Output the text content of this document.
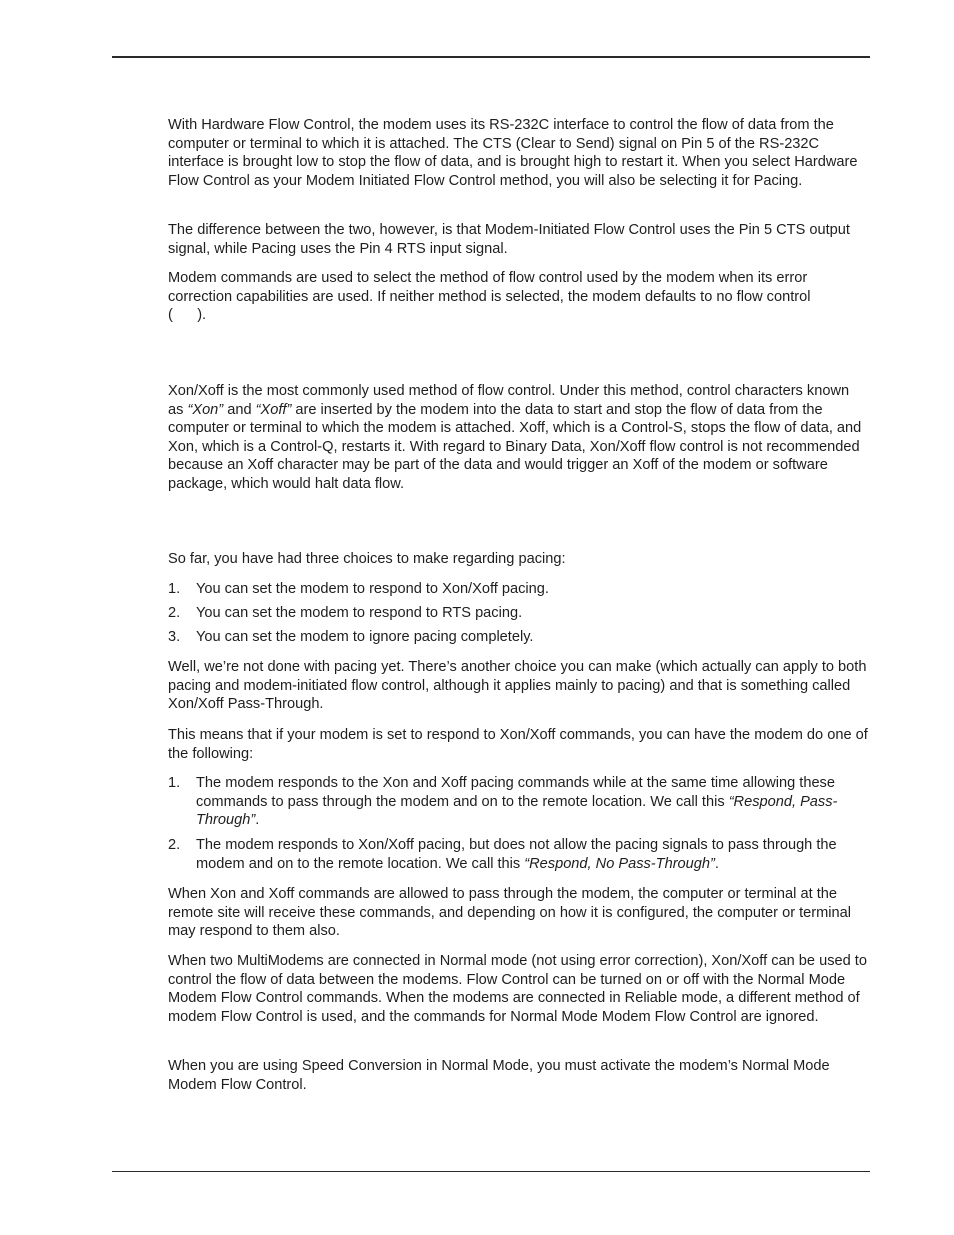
With Hardware Flow Control, the modem uses its RS-232C interface to control the flow of data from the computer or terminal to which it is attached. The CTS (Clear to Send) signal on Pin 5 of the RS-232C interface is brought low to stop the flow of data, and is brought high to restart it. When you select Hardware Flow Control as your Modem Initiated Flow Control method, you will also be selecting it for Pacing.

The difference between the two, however, is that Modem-Initiated Flow Control uses the Pin 5 CTS output signal, while Pacing uses the Pin 4 RTS input signal.

Modem commands are used to select the method of flow control used by the modem when its error correction capabilities are used. If neither method is selected, the modem defaults to no flow control
(      ).

Xon/Xoff is the most commonly used method of flow control. Under this method, control characters known as “Xon” and “Xoff” are inserted by the modem into the data to start and stop the flow of data from the computer or terminal to which the modem is attached. Xoff, which is a Control-S, stops the flow of data, and Xon, which is a Control-Q, restarts it. With regard to Binary Data, Xon/Xoff flow control is not recommended because an Xoff character may be part of the data and would trigger an Xoff of the modem or software package, which would halt data flow.

So far, you have had three choices to make regarding pacing:

1. You can set the modem to respond to Xon/Xoff pacing.
2. You can set the modem to respond to RTS pacing.
3. You can set the modem to ignore pacing completely.

Well, we’re not done with pacing yet. There’s another choice you can make (which actually can apply to both pacing and modem-initiated flow control, although it applies mainly to pacing) and that is something called Xon/Xoff Pass-Through.

This means that if your modem is set to respond to Xon/Xoff commands, you can have the modem do one of the following:

1. The modem responds to the Xon and Xoff pacing commands while at the same time allowing these commands to pass through the modem and on to the remote location. We call this “Respond, Pass-Through”.
2. The modem responds to Xon/Xoff pacing, but does not allow the pacing signals to pass through the modem and on to the remote location. We call this “Respond, No Pass-Through”.

When Xon and Xoff commands are allowed to pass through the modem, the computer or terminal at the remote site will receive these commands, and depending on how it is configured, the computer or terminal may respond to them also.

When two MultiModems are connected in Normal mode (not using error correction), Xon/Xoff can be used to control the flow of data between the modems. Flow Control can be turned on or off with the Normal Mode Modem Flow Control commands. When the modems are connected in Reliable mode, a different method of modem Flow Control is used, and the commands for Normal Mode Modem Flow Control are ignored.

When you are using Speed Conversion in Normal Mode, you must activate the modem’s Normal Mode Modem Flow Control.
